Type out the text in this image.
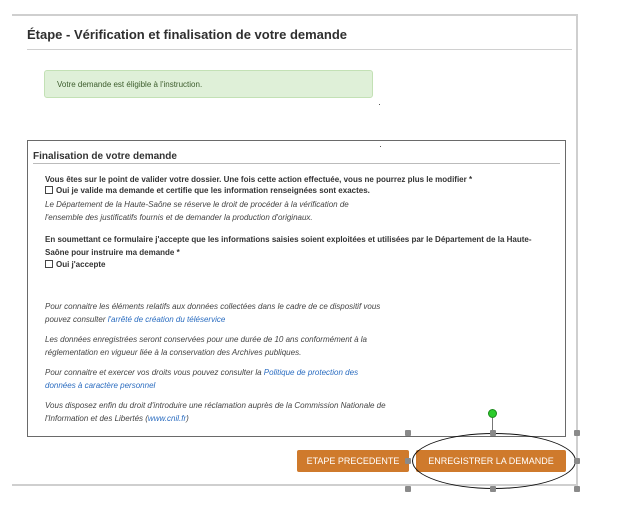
Étape - Vérification et finalisation de votre demande
Votre demande est éligible à l'instruction.
Finalisation de votre demande
Vous êtes sur le point de valider votre dossier. Une fois cette action effectuée, vous ne pourrez plus le modifier *
Oui je valide ma demande et certifie que les information renseignées sont exactes.
Le Département de la Haute-Saône se réserve le droit de procéder à la vérification de
l'ensemble des justificatifs fournis et de demander la production d'originaux.
En soumettant ce formulaire j'accepte que les informations saisies soient exploitées et utilisées par le Département de la Haute-
Saône pour instruire ma demande *
Oui j'accepte
Pour connaitre les éléments relatifs aux données collectées dans le cadre de ce dispositif vous
pouvez consulter l'arrêté de création du téléservice
Les données enregistrées seront conservées pour une durée de 10 ans conformément à la
réglementation en vigueur liée à la conservation des Archives publiques.
Pour connaitre et exercer vos droits vous pouvez consulter la Politique de protection des
données à caractère personnel
Vous disposez enfin du droit d'introduire une réclamation auprès de la Commission Nationale de
l'Information et des Libertés (www.cnil.fr)
ETAPE PRECEDENTE	ENREGISTRER LA DEMANDE
